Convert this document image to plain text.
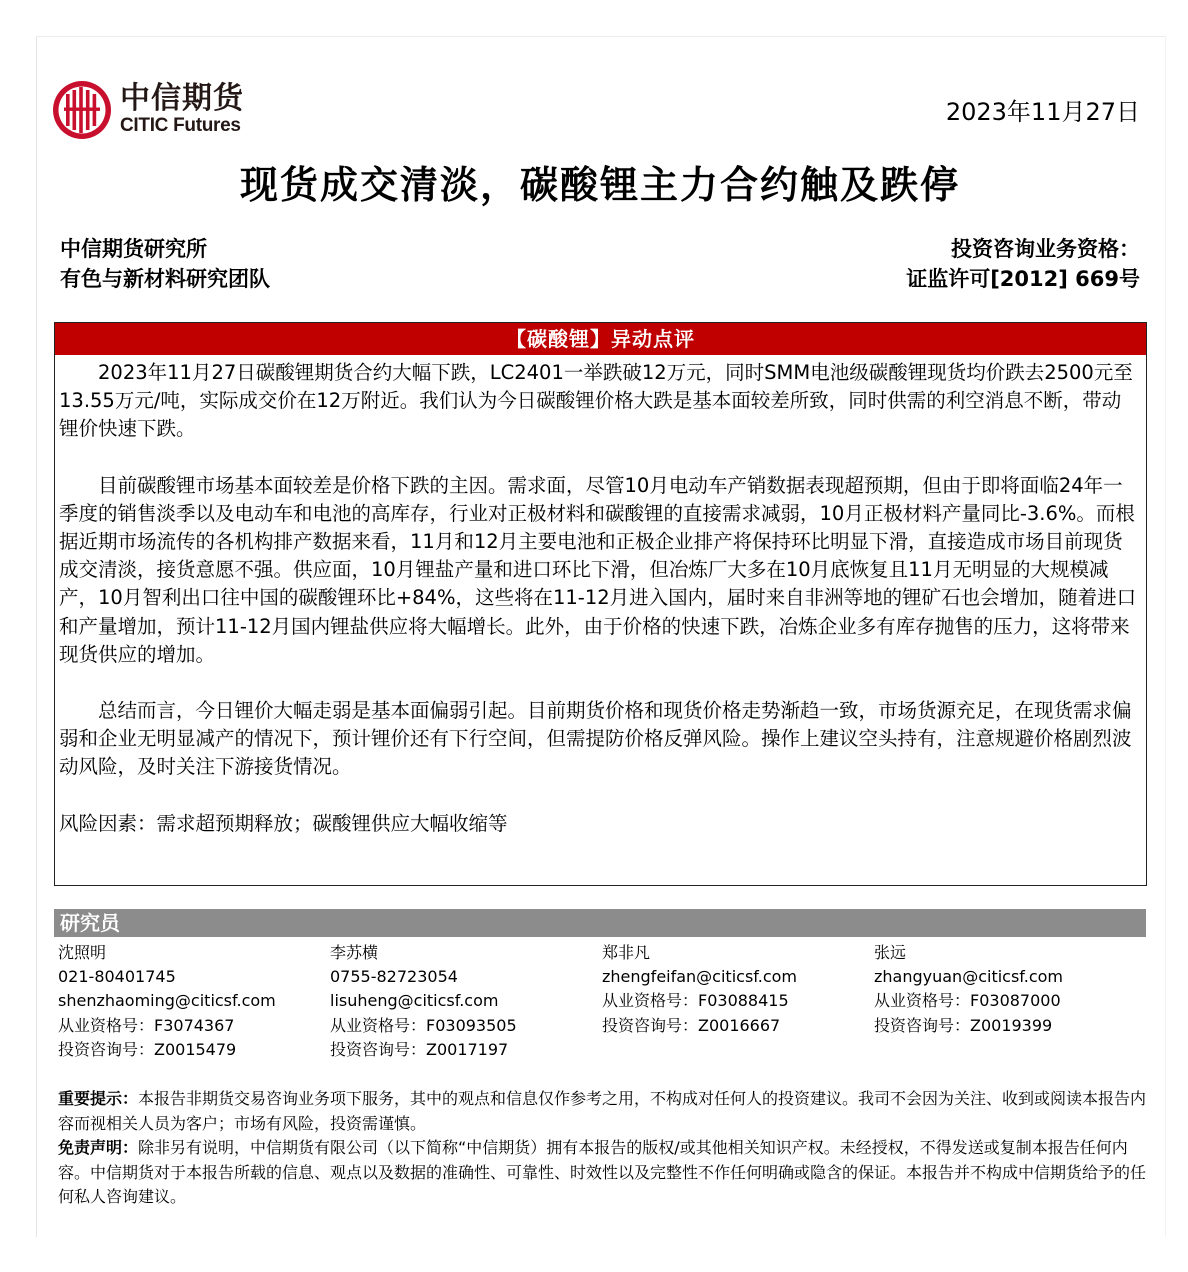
中信期货
CITIC Futures	2023年11月27日
现货成交清淡，碳酸锂主力合约触及跌停
中信期货研究所
有色与新材料研究团队
投资咨询业务资格：
证监许可[2012] 669号
【碳酸锂】异动点评

2023年11月27日碳酸锂期货合约大幅下跌，LC2401一举跌破12万元，同时SMM电池级碳酸锂现货均价跌去2500元至13.55万元/吨，实际成交价在12万附近。我们认为今日碳酸锂价格大跌是基本面较差所致，同时供需的利空消息不断，带动锂价快速下跌。

目前碳酸锂市场基本面较差是价格下跌的主因。需求面，尽管10月电动车产销数据表现超预期，但由于即将面临24年一季度的销售淡季以及电动车和电池的高库存，行业对正极材料和碳酸锂的直接需求减弱，10月正极材料产量同比-3.6%。而根据近期市场流传的各机构排产数据来看，11月和12月主要电池和正极企业排产将保持环比明显下滑，直接造成市场目前现货成交清淡，接货意愿不强。供应面，10月锂盐产量和进口环比下滑，但冶炼厂大多在10月底恢复且11月无明显的大规模减产，10月智利出口往中国的碳酸锂环比+84%，这些将在11-12月进入国内，届时来自非洲等地的锂矿石也会增加，随着进口和产量增加，预计11-12月国内锂盐供应将大幅增长。此外，由于价格的快速下跌，冶炼企业多有库存抛售的压力，这将带来现货供应的增加。

总结而言，今日锂价大幅走弱是基本面偏弱引起。目前期货价格和现货价格走势渐趋一致，市场货源充足，在现货需求偏弱和企业无明显减产的情况下，预计锂价还有下行空间，但需提防价格反弹风险。操作上建议空头持有，注意规避价格剧烈波动风险，及时关注下游接货情况。

风险因素：需求超预期释放；碳酸锂供应大幅收缩等

研究员
沈照明
021-80401745
shenzhaoming@citicsf.com
从业资格号：F3074367
投资咨询号：Z0015479
李苏横
0755-82723054
lisuheng@citicsf.com
从业资格号：F03093505
投资咨询号：Z0017197
郑非凡
zhengfeifan@citicsf.com
从业资格号：F03088415
投资咨询号：Z0016667
张远
zhangyuan@citicsf.com
从业资格号：F03087000
投资咨询号：Z0019399

重要提示：本报告非期货交易咨询业务项下服务，其中的观点和信息仅作参考之用，不构成对任何人的投资建议。我司不会因为关注、收到或阅读本报告内容而视相关人员为客户；市场有风险，投资需谨慎。

免责声明：除非另有说明，中信期货有限公司（以下简称“中信期货）拥有本报告的版权/或其他相关知识产权。未经授权，不得发送或复制本报告任何内容。中信期货对于本报告所载的信息、观点以及数据的准确性、可靠性、时效性以及完整性不作任何明确或隐含的保证。本报告并不构成中信期货给予的任何私人咨询建议。
